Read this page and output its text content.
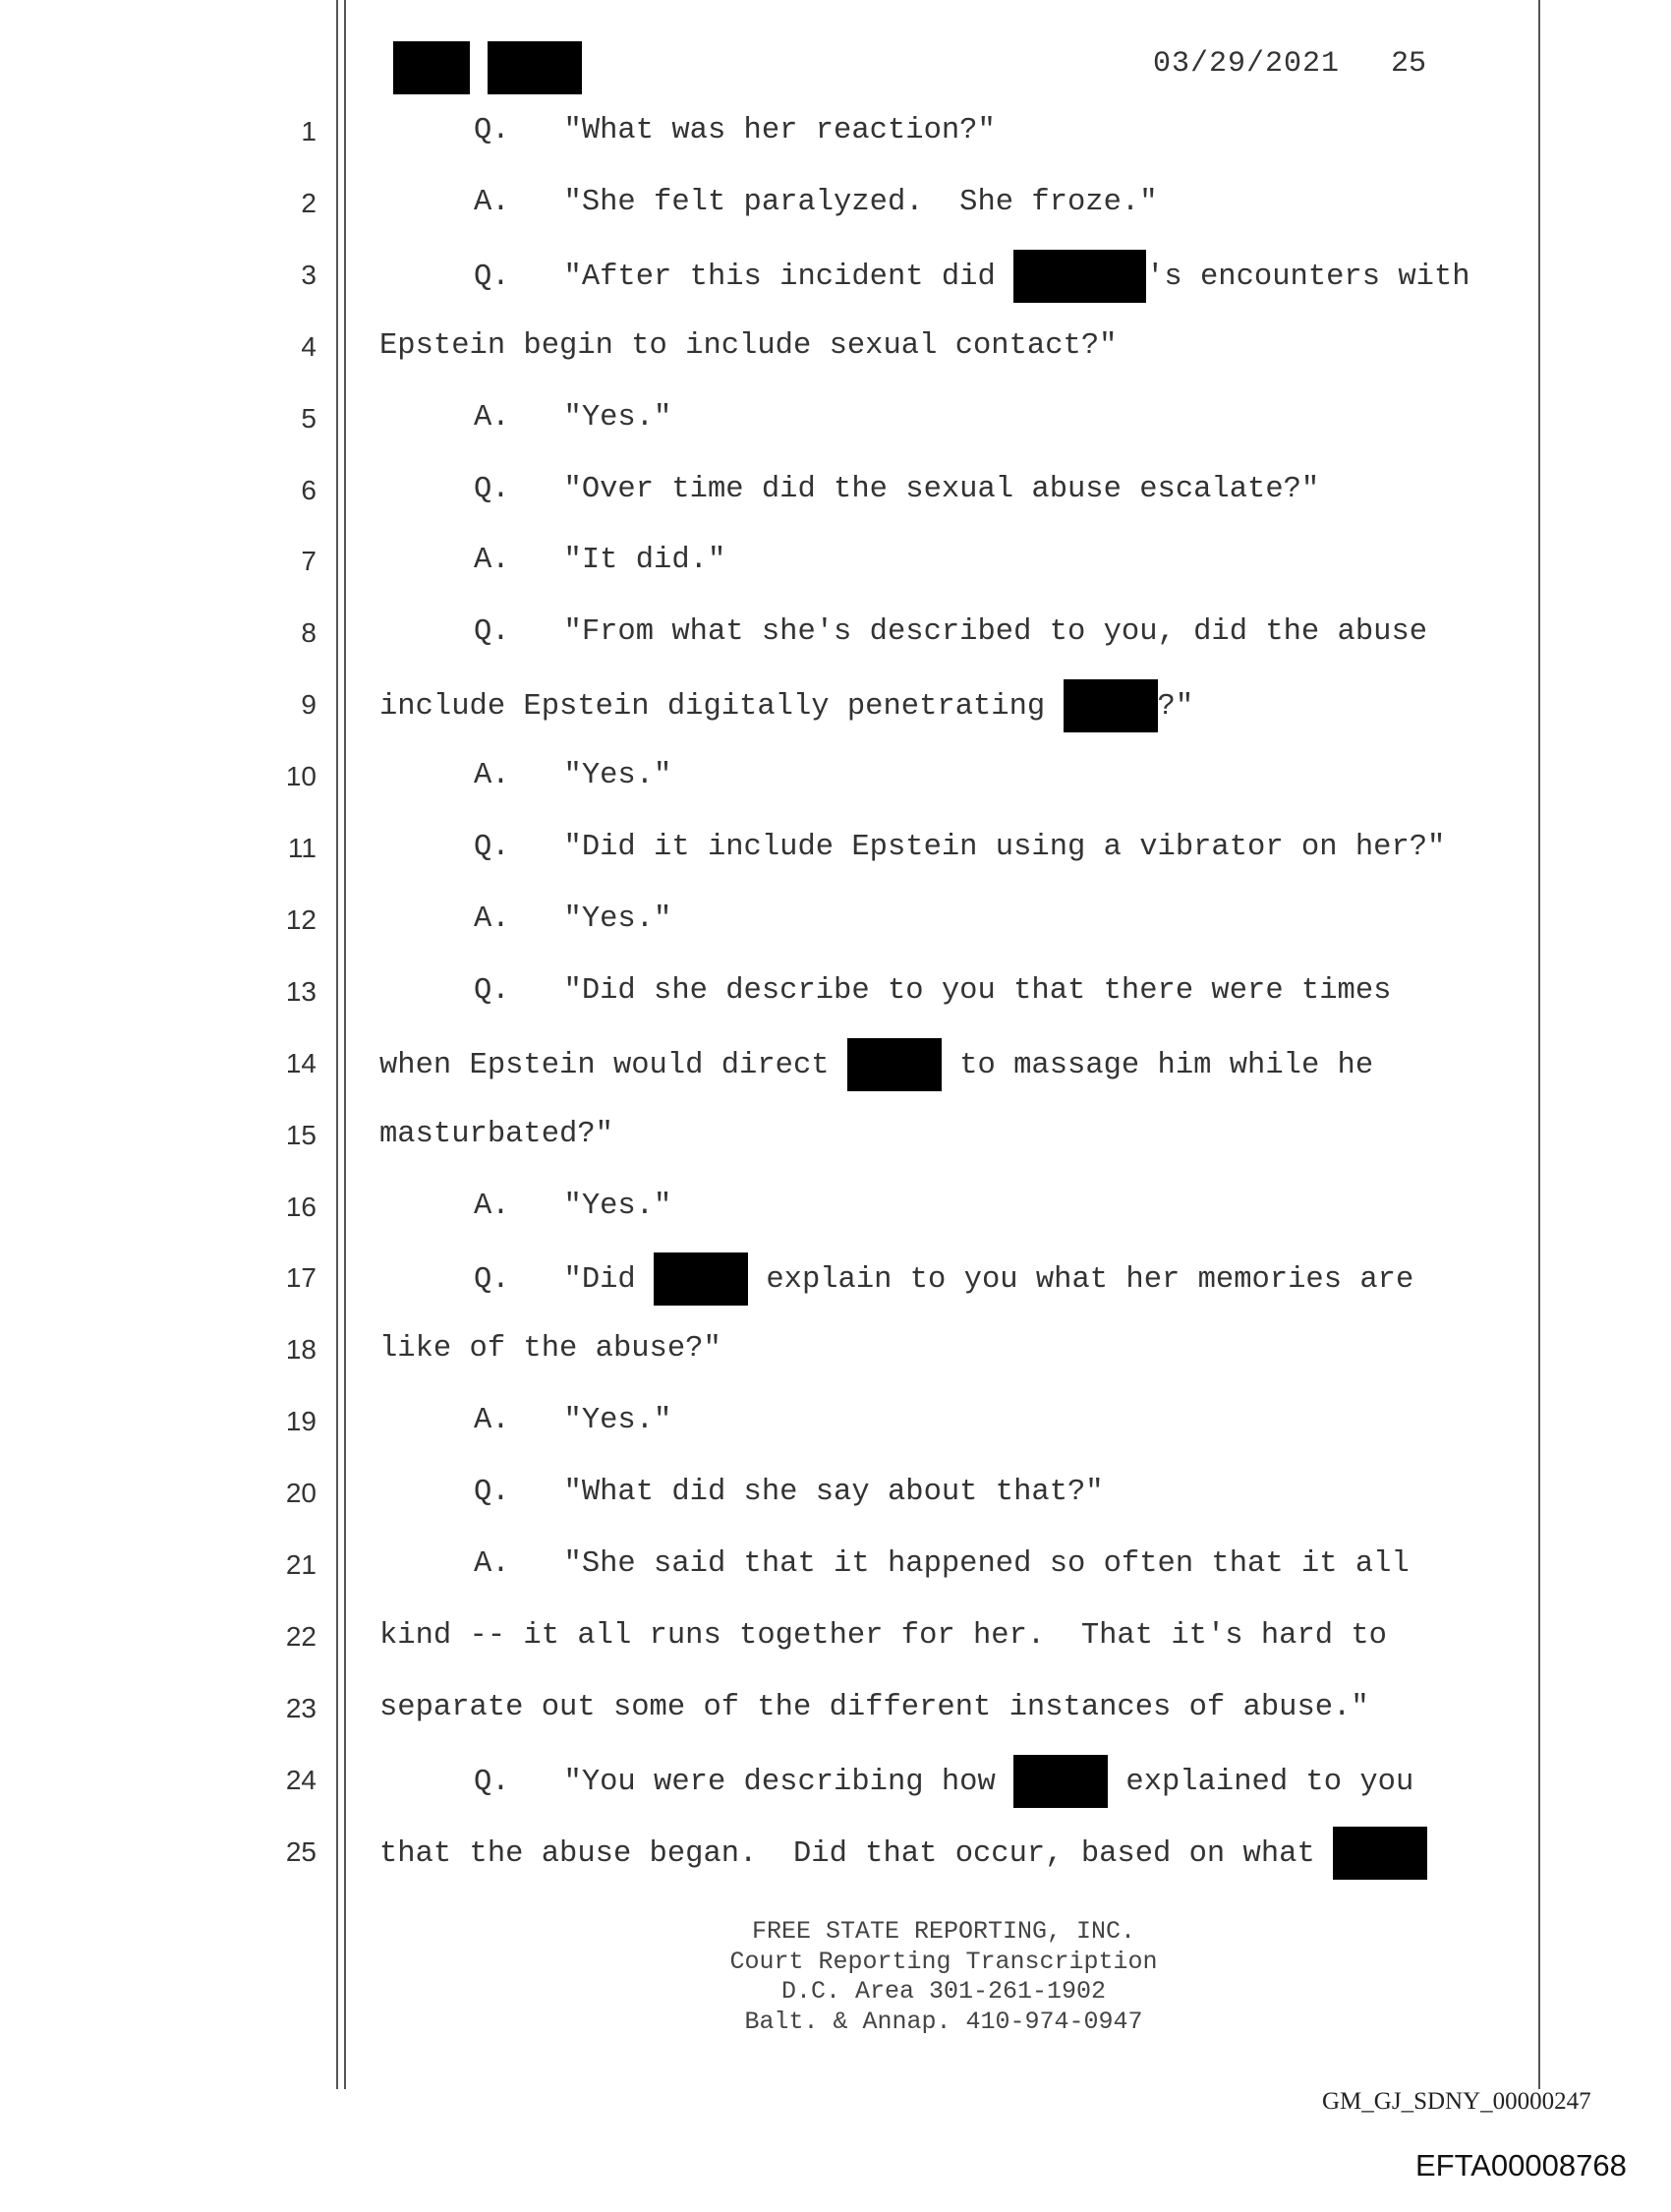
03/29/2021 25
1	Q.   "What was her reaction?"
2	A.   "She felt paralyzed.  She froze."
3	Q.   "After this incident did	's encounters with
4 Epstein begin to include sexual contact?"
5	A.   "Yes."
6	Q.   "Over time did the sexual abuse escalate?"
7	A.   "It did."
8	Q.   "From what she's described to you, did the abuse
9 include Epstein digitally penetrating	?"
10	A.   "Yes."
11	Q.   "Did it include Epstein using a vibrator on her?"
12	A.   "Yes."
13	Q.   "Did she describe to you that there were times
14 when Epstein would direct	to massage him while he
15 masturbated?"
16	A.   "Yes."
17	Q.   "Did	explain to you what her memories are
18 like of the abuse?"
19	A.   "Yes."
20	Q.   "What did she say about that?"
21	A.   "She said that it happened so often that it all
22 kind -- it all runs together for her.  That it's hard to
23 separate out some of the different instances of abuse."
24	Q.   "You were describing how	explained to you
25 that the abuse began.  Did that occur, based on what
FREE STATE REPORTING, INC.
Court Reporting Transcription
D.C. Area 301-261-1902
Balt. & Annap. 410-974-0947
GM_GJ_SDNY_00000247
EFTA00008768
